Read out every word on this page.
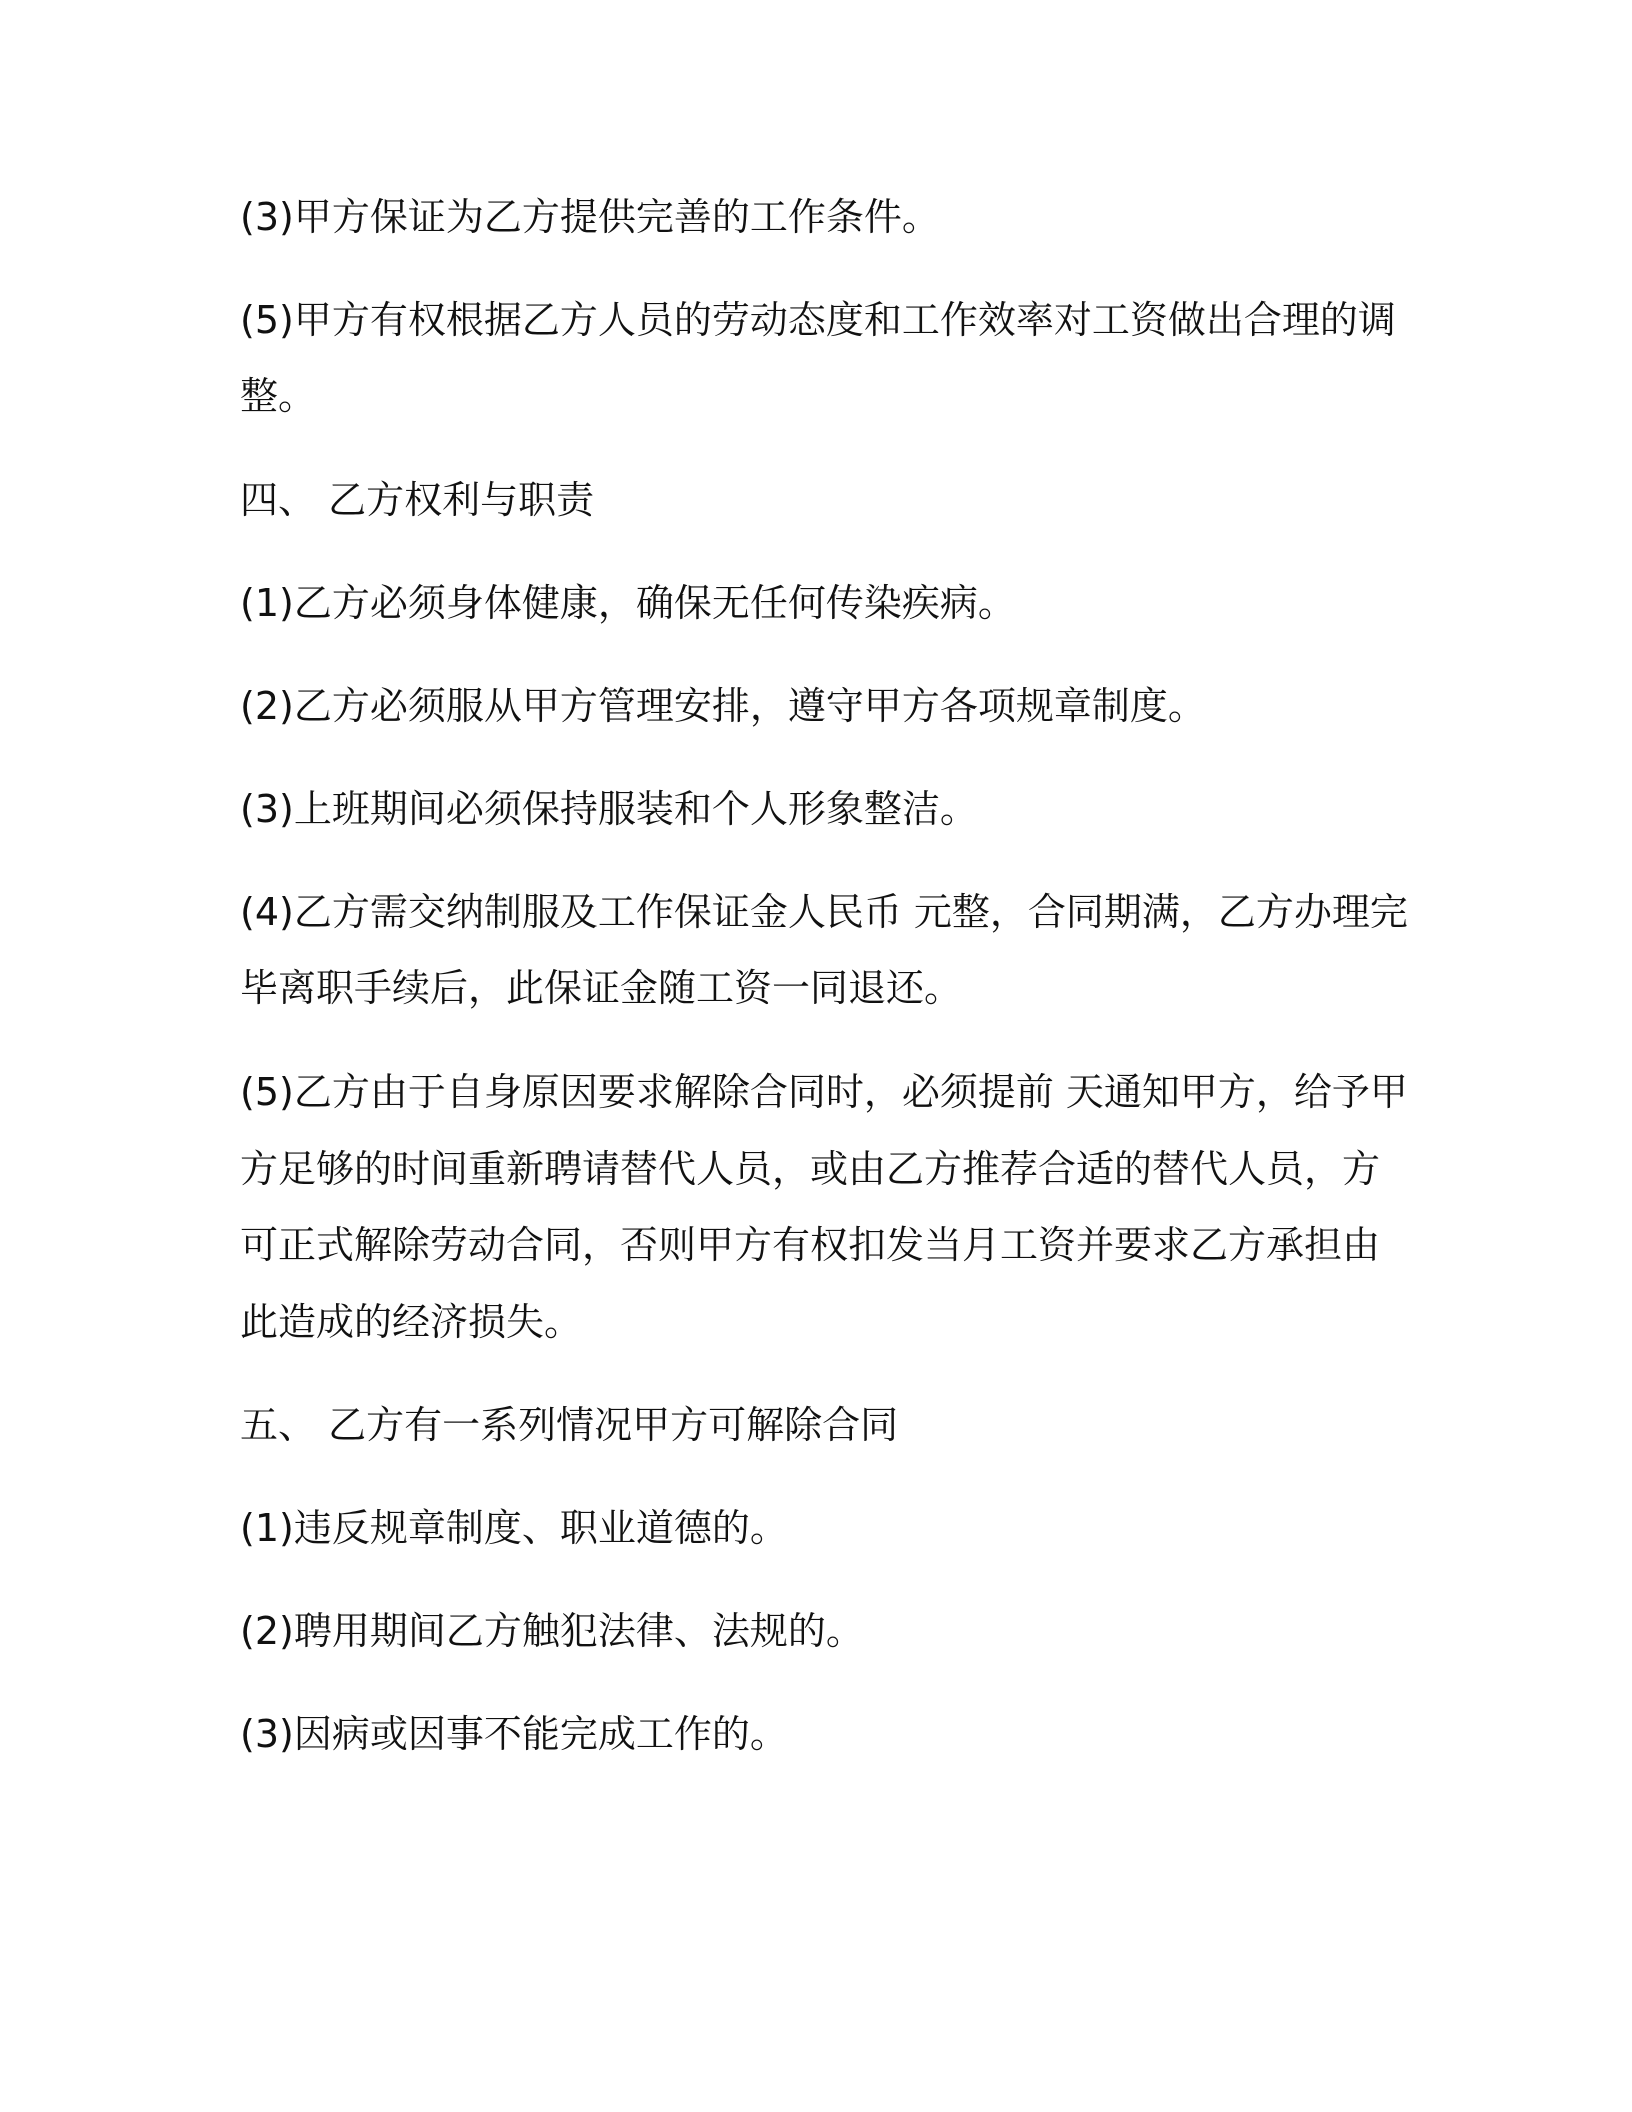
(3)甲方保证为乙方提供完善的工作条件。
(5)甲方有权根据乙方人员的劳动态度和工作效率对工资做出合理的调
整。
四、 乙方权利与职责
(1)乙方必须身体健康，确保无任何传染疾病。
(2)乙方必须服从甲方管理安排，遵守甲方各项规章制度。
(3)上班期间必须保持服装和个人形象整洁。
(4)乙方需交纳制服及工作保证金人民币 元整，合同期满，乙方办理完
毕离职手续后，此保证金随工资一同退还。
(5)乙方由于自身原因要求解除合同时，必须提前 天通知甲方，给予甲
方足够的时间重新聘请替代人员，或由乙方推荐合适的替代人员，方
可正式解除劳动合同，否则甲方有权扣发当月工资并要求乙方承担由
此造成的经济损失。
五、 乙方有一系列情况甲方可解除合同
(1)违反规章制度、职业道德的。
(2)聘用期间乙方触犯法律、法规的。
(3)因病或因事不能完成工作的。
